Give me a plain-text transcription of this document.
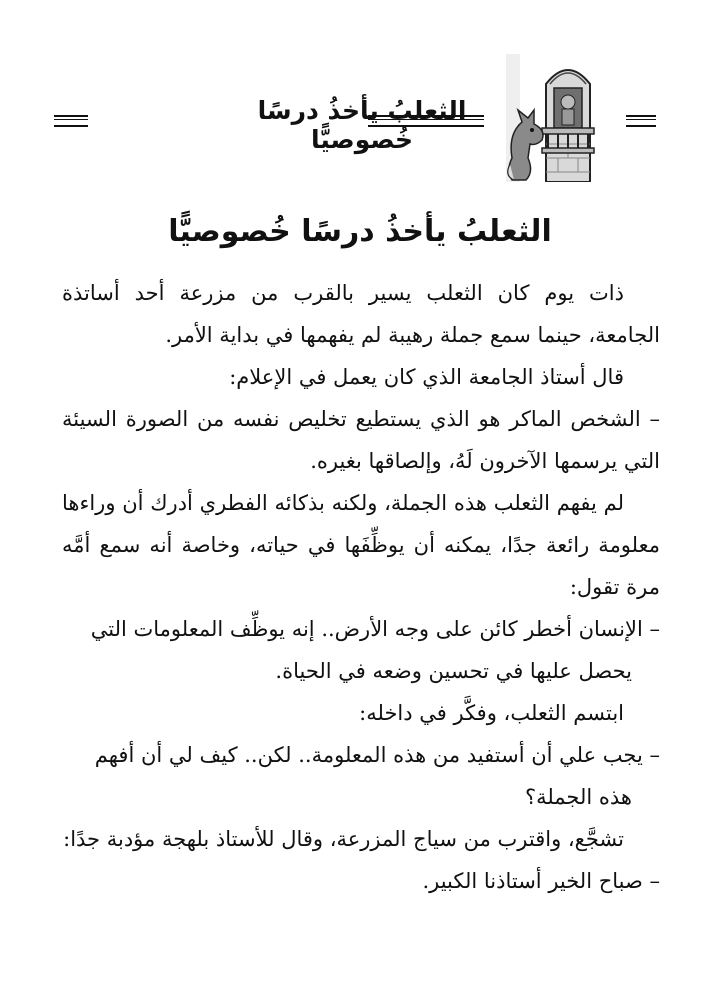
الثعلبُ يأخذُ درسًا خُصوصيًّا
الثعلبُ يأخذُ درسًا خُصوصيًّا

ذات يوم كان الثعلب يسير بالقرب من مزرعة أحد أساتذة الجامعة، حينما سمع جملة رهيبة لم يفهمها في بداية الأمر.

قال أستاذ الجامعة الذي كان يعمل في الإعلام:

– الشخص الماكر هو الذي يستطيع تخليص نفسه من الصورة السيئة التي يرسمها الآخرون لَهُ، وإلصاقها بغيره.

لم يفهم الثعلب هذه الجملة، ولكنه بذكائه الفطري أدرك أن وراءها معلومة رائعة جدًا، يمكنه أن يوظِّفَها في حياته، وخاصة أنه سمع أمَّه مرة تقول:

– الإنسان أخطر كائن على وجه الأرض.. إنه يوظِّف المعلومات التي

يحصل عليها في تحسين وضعه في الحياة.

ابتسم الثعلب، وفكَّر في داخله:

– يجب علي أن أستفيد من هذه المعلومة.. لكن.. كيف لي أن أفهم

هذه الجملة؟

تشجَّع، واقترب من سياج المزرعة، وقال للأستاذ بلهجة مؤدبة جدًا:

– صباح الخير أستاذنا الكبير.
